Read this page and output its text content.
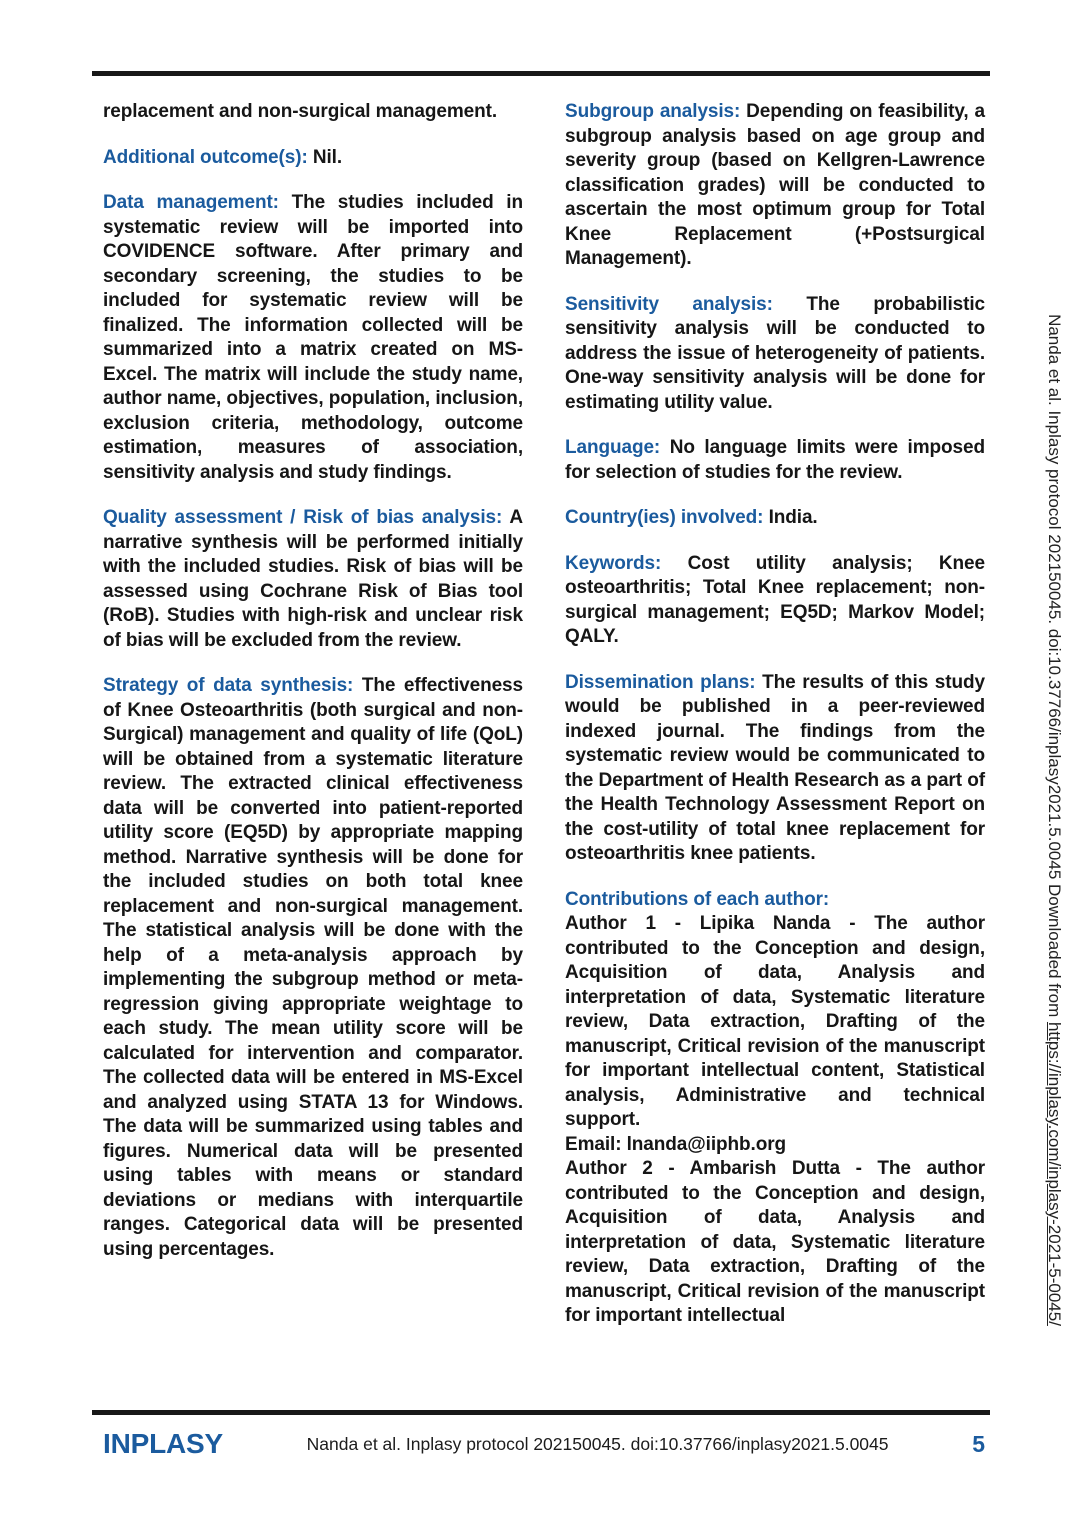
replacement and non-surgical management.

Additional outcome(s): Nil.

Data management: The studies included in systematic review will be imported into COVIDENCE software. After primary and secondary screening, the studies to be included for systematic review will be finalized. The information collected will be summarized into a matrix created on MS-Excel. The matrix will include the study name, author name, objectives, population, inclusion, exclusion criteria, methodology, outcome estimation, measures of association, sensitivity analysis and study findings.

Quality assessment / Risk of bias analysis: A narrative synthesis will be performed initially with the included studies. Risk of bias will be assessed using Cochrane Risk of Bias tool (RoB). Studies with high-risk and unclear risk of bias will be excluded from the review.

Strategy of data synthesis: The effectiveness of Knee Osteoarthritis (both surgical and non-Surgical) management and quality of life (QoL) will be obtained from a systematic literature review. The extracted clinical effectiveness data will be converted into patient-reported utility score (EQ5D) by appropriate mapping method. Narrative synthesis will be done for the included studies on both total knee replacement and non-surgical management. The statistical analysis will be done with the help of a meta-analysis approach by implementing the subgroup method or meta-regression giving appropriate weightage to each study. The mean utility score will be calculated for intervention and comparator. The collected data will be entered in MS-Excel and analyzed using STATA 13 for Windows. The data will be summarized using tables and figures. Numerical data will be presented using tables with means or standard deviations or medians with interquartile ranges. Categorical data will be presented using percentages.

Subgroup analysis: Depending on feasibility, a subgroup analysis based on age group and severity group (based on Kellgren-Lawrence classification grades) will be conducted to ascertain the most optimum group for Total Knee Replacement (+Postsurgical Management).

Sensitivity analysis: The probabilistic sensitivity analysis will be conducted to address the issue of heterogeneity of patients. One-way sensitivity analysis will be done for estimating utility value.

Language: No language limits were imposed for selection of studies for the review.

Country(ies) involved: India.

Keywords: Cost utility analysis; Knee osteoarthritis; Total Knee replacement; non-surgical management; EQ5D; Markov Model; QALY.

Dissemination plans: The results of this study would be published in a peer-reviewed indexed journal. The findings from the systematic review would be communicated to the Department of Health Research as a part of the Health Technology Assessment Report on the cost-utility of total knee replacement for osteoarthritis knee patients.

Contributions of each author:
Author 1 - Lipika Nanda - The author contributed to the Conception and design, Acquisition of data, Analysis and interpretation of data, Systematic literature review, Data extraction, Drafting of the manuscript, Critical revision of the manuscript for important intellectual content, Statistical analysis, Administrative and technical support.
Email: lnanda@iiphb.org
Author 2 - Ambarish Dutta - The author contributed to the Conception and design, Acquisition of data, Analysis and interpretation of data, Systematic literature review, Data extraction, Drafting of the manuscript, Critical revision of the manuscript for important intellectual

Nanda et al. Inplasy protocol 202150045. doi:10.37766/inplasy2021.5.0045 Downloaded from https://inplasy.com/inplasy-2021-5-0045/
INPLASY	Nanda et al. Inplasy protocol 202150045. doi:10.37766/inplasy2021.5.0045	5
